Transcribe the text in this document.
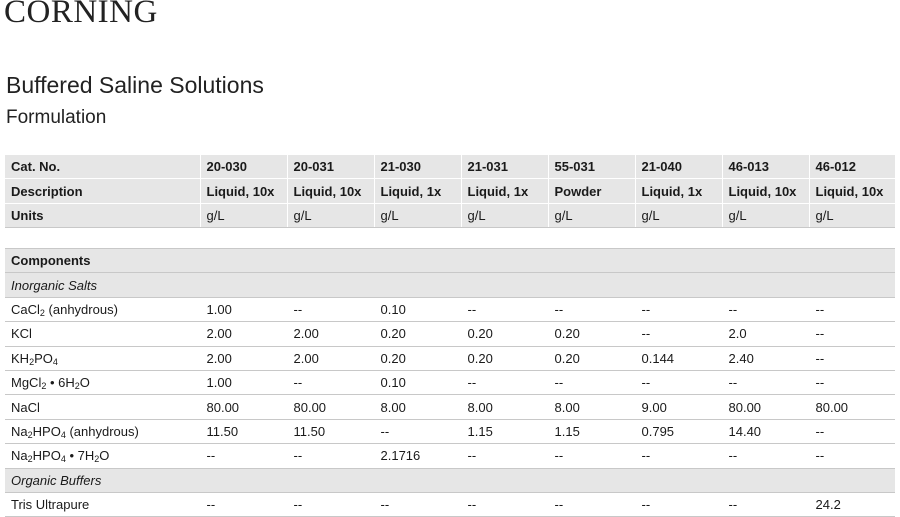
CORNING
Buffered Saline Solutions
Formulation
Cat. No.	20-030	20-031	21-030	21-031	55-031	21-040	46-013	46-012
Description	Liquid, 10x	Liquid, 10x	Liquid, 1x	Liquid, 1x	Powder	Liquid, 1x	Liquid, 10x	Liquid, 10x
Units	g/L	g/L	g/L	g/L	g/L	g/L	g/L	g/L
Components								
Inorganic Salts								
CaCl$_2$ (anhydrous)	1.00	--	0.10	--	--	--	--	--
KCl	2.00	2.00	0.20	0.20	0.20	--	2.0	--
$KH_2PO_4$	2.00	2.00	0.20	0.20	0.20	0.144	2.40	--
MgCl$_2$ • $6H_2O$	1.00	--	0.10	--	--	--	--	--
NaCl	80.00	80.00	8.00	8.00	8.00	9.00	80.00	80.00
$Na_2HPO_4$ (anhydrous)	11.50	11.50	--	1.15	1.15	0.795	14.40	--
$Na_2HPO_4$ • $7H_2O$	--	--	2.1716	--	--	--	--	--
Organic Buffers								
Tris Ultrapure	--	--	--	--	--	--	--	24.2
